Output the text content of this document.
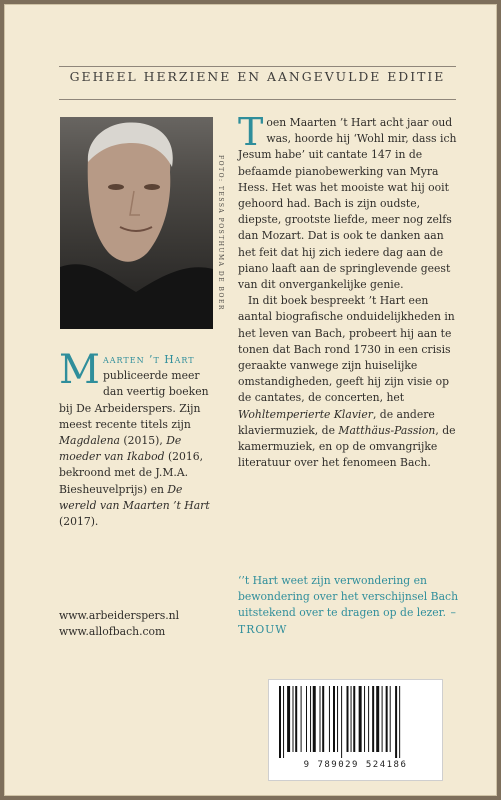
GEHEEL HERZIENE EN AANGEVULDE EDITIE
FOTO: TESSA POSTHUMA DE BOER

Toen Maarten ’t Hart acht jaar oud was, hoorde hij ‘Wohl mir, dass ich Jesum habe’ uit cantate 147 in de befaamde pianobewerking van Myra Hess. Het was het mooiste wat hij ooit gehoord had. Bach is zijn oudste, diepste, grootste liefde, meer nog zelfs dan Mozart. Dat is ook te danken aan het feit dat hij zich iedere dag aan de piano laaft aan de springlevende geest van dit onvergankelijke genie.

In dit boek bespreekt ’t Hart een aantal biografische onduidelijkheden in het leven van Bach, probeert hij aan te tonen dat Bach rond 1730 in een crisis geraakte vanwege zijn huiselijke omstandigheden, geeft hij zijn visie op de cantates, de concerten, het Wohltemperierte Klavier, de andere klaviermuziek, de Matthäus-Passion, de kamermuziek, en op de omvangrijke literatuur over het fenomeen Bach.

Maarten ’t Hart publiceerde meer dan veertig boeken bij De Arbeiderspers. Zijn meest recente titels zijn Magdalena (2015), De moeder van Ikabod (2016, bekroond met de J.M.A. Biesheuvelprijs) en De wereld van Maarten ’t Hart (2017).

‘’t Hart weet zijn verwondering en bewondering over het verschijnsel Bach uitstekend over te dragen op de lezer. – TROUW
www.arbeiderspers.nl
www.allofbach.com
9 789029 524186
